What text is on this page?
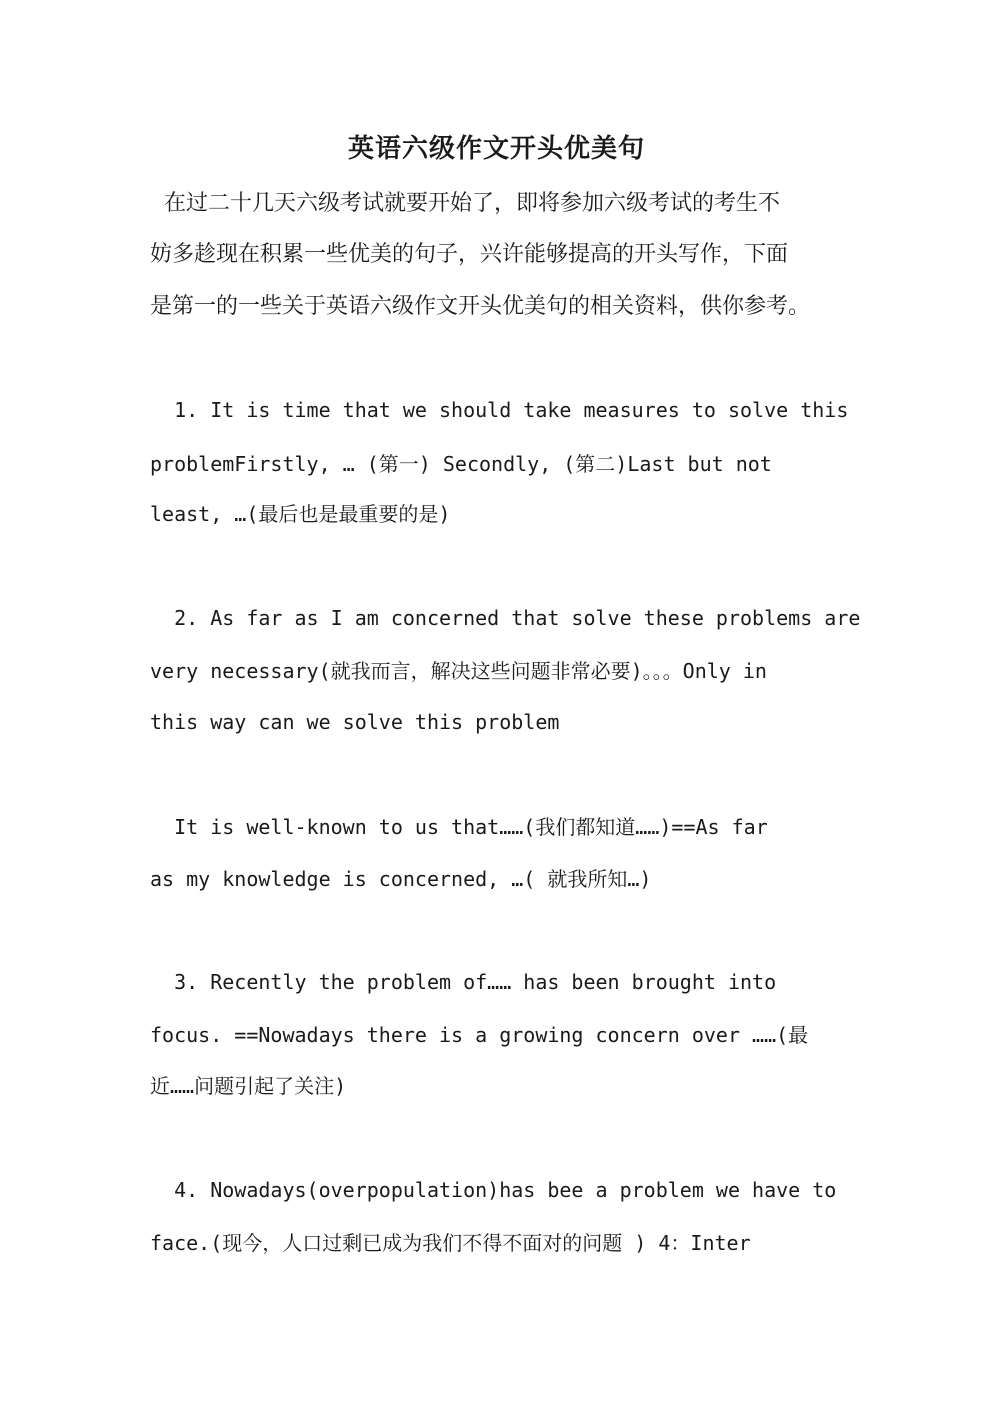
英语六级作文开头优美句
在过二十几天六级考试就要开始了，即将参加六级考试的考生不
妨多趁现在积累一些优美的句子，兴许能够提高的开头写作，下面
是第一的一些关于英语六级作文开头优美句的相关资料，供你参考。
1. It is time that we should take measures to solve this
problemFirstly, … (第一) Secondly, (第二)Last but not
least, …(最后也是最重要的是)
2. As far as I am concerned that solve these problems are
very necessary(就我而言，解决这些问题非常必要)。。。Only in
this way can we solve this problem
It is well-known to us that……(我们都知道……)==As far
as my knowledge is concerned, …( 就我所知…)
3. Recently the problem of…… has been brought into
focus. ==Nowadays there is a growing concern over ……(最
近……问题引起了关注)
4. Nowadays(overpopulation)has bee a problem we have to
face.(现今，人口过剩已成为我们不得不面对的问题 ) 4：Inter
